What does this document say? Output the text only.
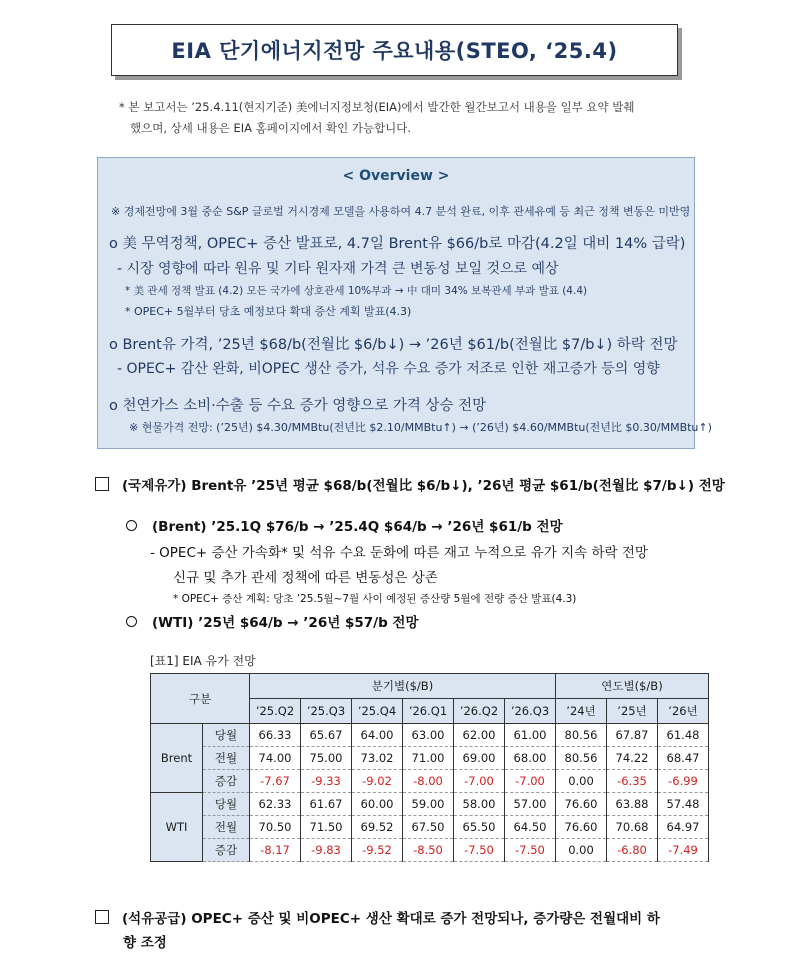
EIA 단기에너지전망 주요내용(STEO, ‘25.4)
* 본 보고서는 ’25.4.11(현지기준) 美에너지정보청(EIA)에서 발간한 월간보고서 내용을 일부 요약 발췌
했으며, 상세 내용은 EIA 홈페이지에서 확인 가능합니다.
< Overview >
※ 경제전망에 3월 중순 S&P 글로벌 거시경제 모델을 사용하여 4.7 분석 완료, 이후 관세유예 등 최근 정책 변동은 미반영
o 美 무역정책, OPEC+ 증산 발표로, 4.7일 Brent유 $66/b로 마감(4.2일 대비 14% 급락)
- 시장 영향에 따라 원유 및 기타 원자재 가격 큰 변동성 보일 것으로 예상
* 美 관세 정책 발표 (4.2) 모든 국가에 상호관세 10%부과 → 中 대미 34% 보복관세 부과 발표 (4.4)
* OPEC+ 5월부터 당초 예정보다 확대 증산 계획 발표(4.3)
o Brent유 가격, ’25년 $68/b(전월比 $6/b↓) → ’26년 $61/b(전월比 $7/b↓) 하락 전망
- OPEC+ 감산 완화, 비OPEC 생산 증가, 석유 수요 증가 저조로 인한 재고증가 등의 영향
o 천연가스 소비·수출 등 수요 증가 영향으로 가격 상승 전망
※ 현물가격 전망: (’25년) $4.30/MMBtu(전년比 $2.10/MMBtu↑) → (’26년) $4.60/MMBtu(전년比 $0.30/MMBtu↑)
(국제유가) Brent유 ’25년 평균 $68/b(전월比 $6/b↓), ’26년 평균 $61/b(전월比 $7/b↓) 전망
(Brent) ’25.1Q $76/b → ’25.4Q $64/b → ’26년 $61/b 전망
- OPEC+ 증산 가속화* 및 석유 수요 둔화에 따른 재고 누적으로 유가 지속 하락 전망
신규 및 추가 관세 정책에 따른 변동성은 상존
* OPEC+ 증산 계획: 당초 ’25.5월~7월 사이 예정된 증산량 5월에 전량 증산 발표(4.3)
(WTI) ’25년 $64/b → ’26년 $57/b 전망
[표1] EIA 유가 전망
구분		분기별($/B)						연도별($/B)		
		’25.Q2	’25.Q3	’25.Q4	’26.Q1	’26.Q2	’26.Q3	’24년	’25년	’26년
Brent	당월	66.33	65.67	64.00	63.00	62.00	61.00	80.56	67.87	61.48
	전월	74.00	75.00	73.02	71.00	69.00	68.00	80.56	74.22	68.47
	증감	-7.67	-9.33	-9.02	-8.00	-7.00	-7.00	0.00	-6.35	-6.99
WTI	당월	62.33	61.67	60.00	59.00	58.00	57.00	76.60	63.88	57.48
	전월	70.50	71.50	69.52	67.50	65.50	64.50	76.60	70.68	64.97
	증감	-8.17	-9.83	-9.52	-8.50	-7.50	-7.50	0.00	-6.80	-7.49
(석유공급) OPEC+ 증산 및 비OPEC+ 생산 확대로 증가 전망되나, 증가량은 전월대비 하
향 조정
